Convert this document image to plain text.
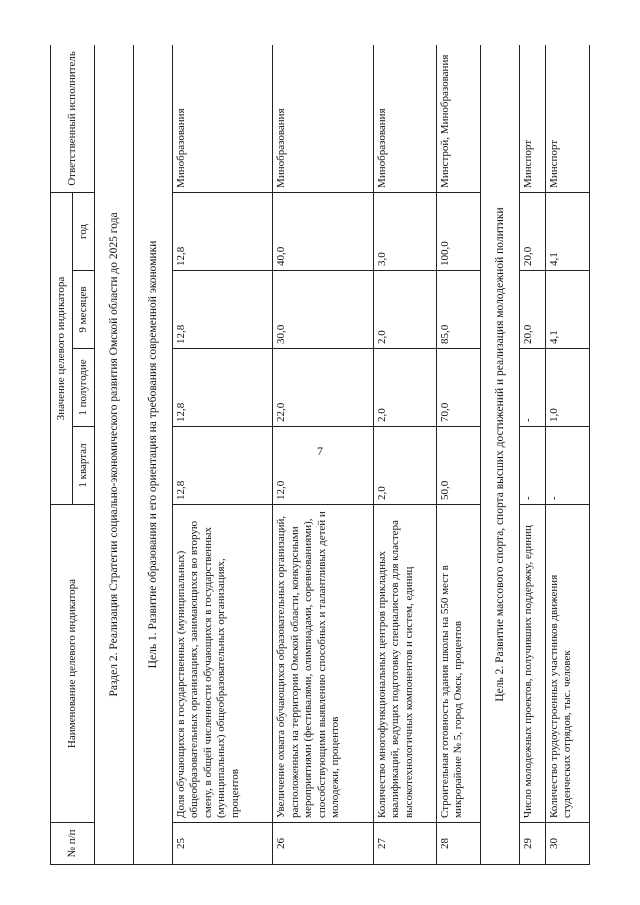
7
№ п/п	Наименование целевого индикатора	Значение целевого индикатора				Ответственный исполнитель
		1 квартал	1 полугодие	9 месяцев	год	
Раздел 2. Реализация Стратегии социально-экономического развития Омской области до 2025 года						
Цель 1. Развитие образования и его ориентация на требования современной экономики						
25	Доля обучающихся в государственных (муниципальных) общеобразовательных организациях, занимающихся во вторую смену, в общей численности обучающихся в государственных (муниципальных) общеобразовательных организациях, процентов	12,8	12,8	12,8	12,8	Минобразования
26	Увеличение охвата обучающихся образовательных организаций, расположенных на территории Омской области, конкурсными мероприятиями (фестивалями, олимпиадами, соревнованиями), способствующими выявлению способных и талантливых детей и молодежи, процентов	12,0	22,0	30,0	40,0	Минобразования
27	Количество многофункциональных центров прикладных квалификаций, ведущих подготовку специалистов для кластера высокотехнологичных компонентов и систем, единиц	2,0	2,0	2,0	3,0	Минобразования
28	Строительная готовность здания школы на 550 мест в микрорайоне № 5, город Омск, процентов	50,0	70,0	85,0	100,0	Минстрой, Минобразования
Цель 2. Развитие массового спорта, спорта высших достижений и реализация молодежной политики						
29	Число молодежных проектов, получивших поддержку, единиц	-	-	20,0	20,0	Минспорт
30	Количество трудоустроенных участников движения студенческих отрядов, тыс. человек	-	1,0	4,1	4,1	Минспорт
